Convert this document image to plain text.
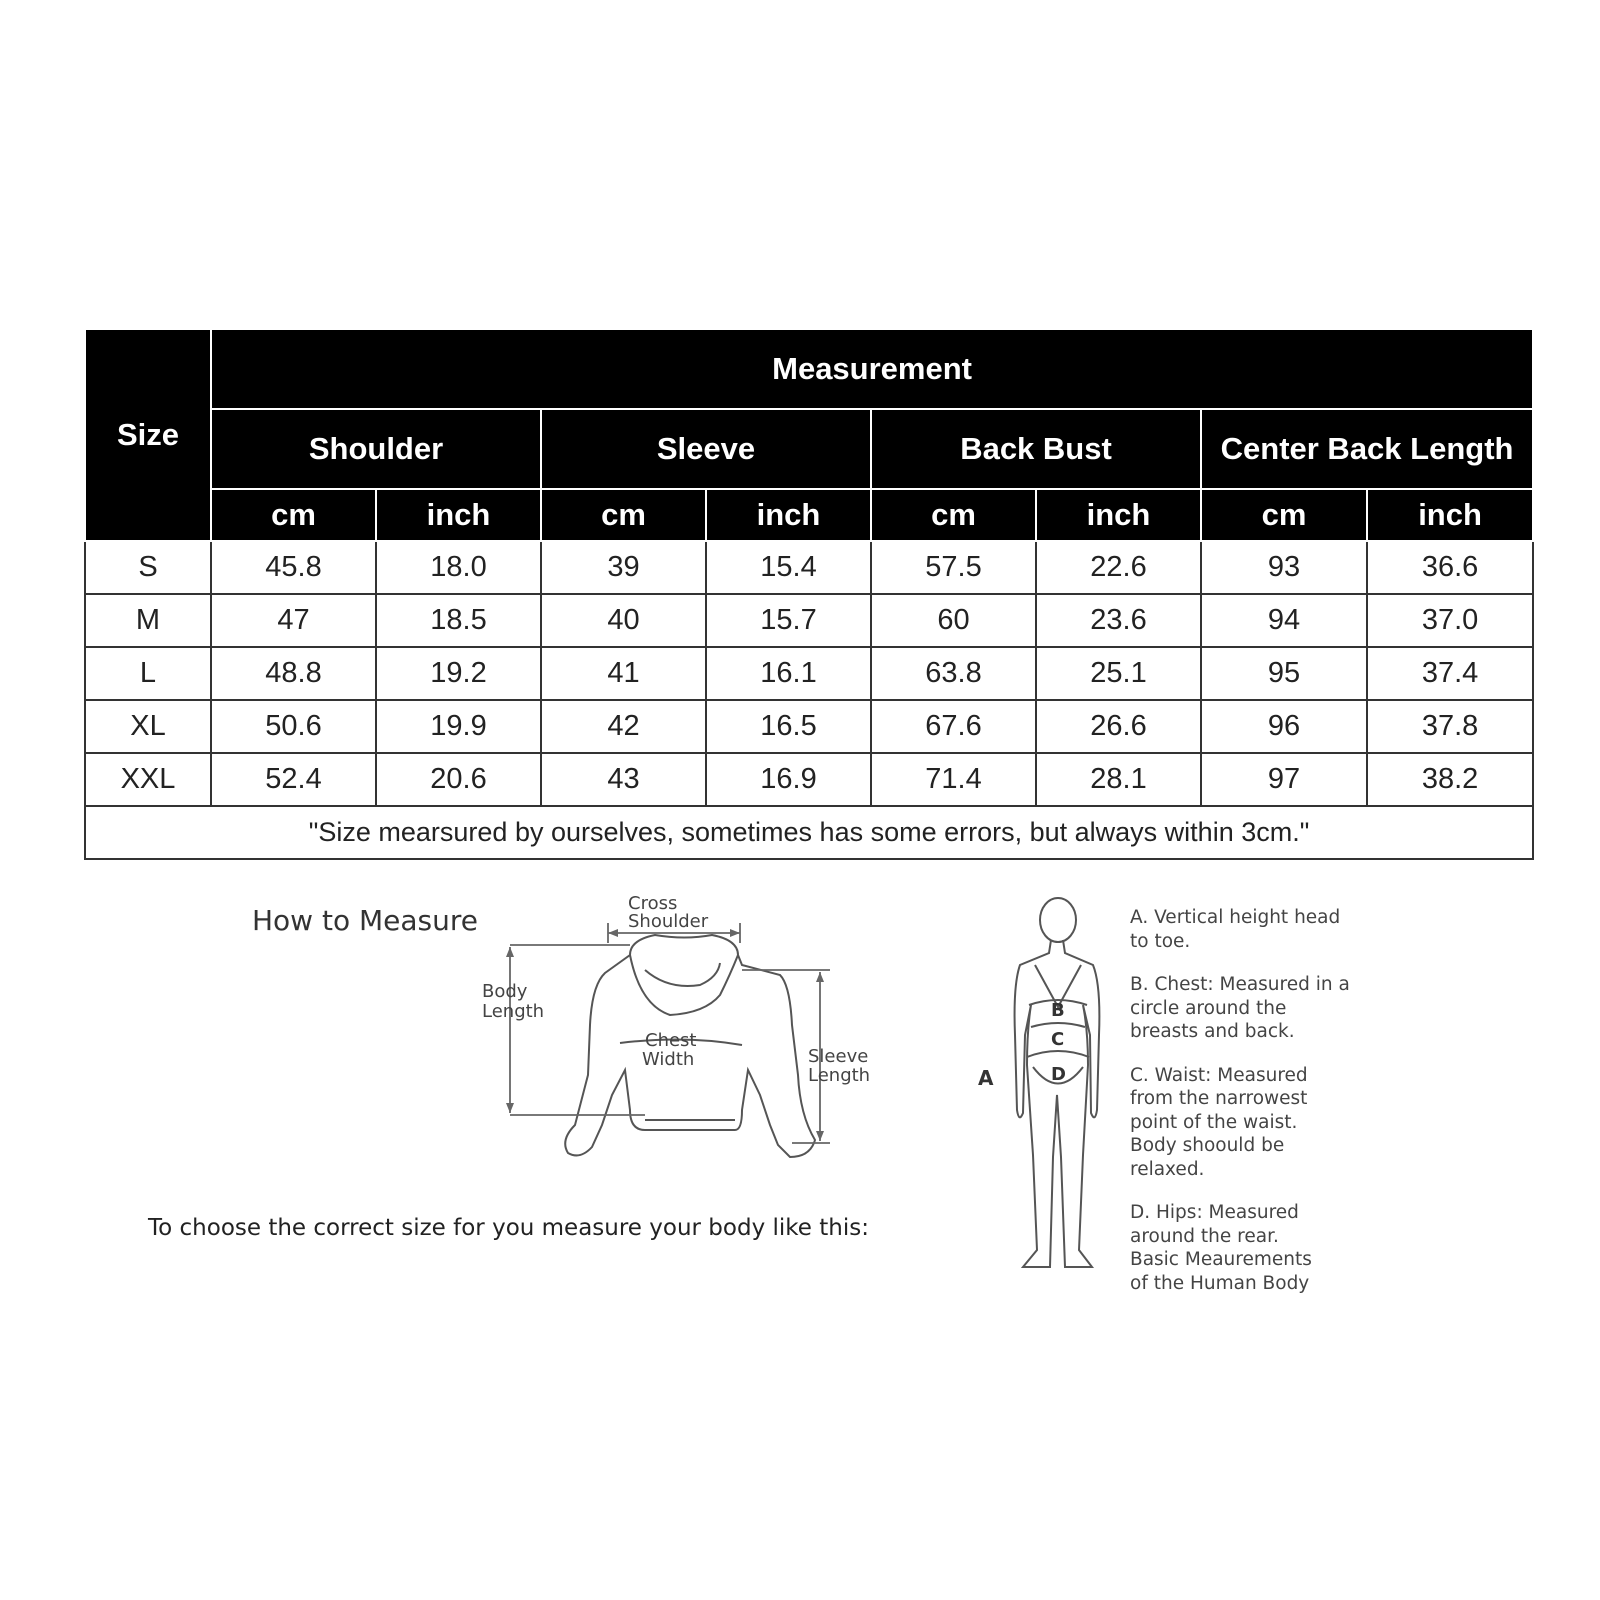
Size	Measurement							
	Shoulder		Sleeve		Back Bust		Center Back Length	
	cm	inch	cm	inch	cm	inch	cm	inch
S	45.8	18.0	39	15.4	57.5	22.6	93	36.6
M	47	18.5	40	15.7	60	23.6	94	37.0
L	48.8	19.2	41	16.1	63.8	25.1	95	37.4
XL	50.6	19.9	42	16.5	67.6	26.6	96	37.8
XXL	52.4	20.6	43	16.9	71.4	28.1	97	38.2
"Size mearsured by ourselves, sometimes has some errors, but always within 3cm."								
How to Measure
To choose the correct size for you measure your body like this:
Cross
Shoulder
Body
Length
Chest
Width	Sleeve
Length	A
B
C
D
A. Vertical height head
to toe.
B. Chest: Measured in a
circle around the
breasts and back.
C. Waist: Measured
from the narrowest
point of the waist.
Body shoould be
relaxed.
D. Hips: Measured
around the rear.
Basic Meaurements
of the Human Body
